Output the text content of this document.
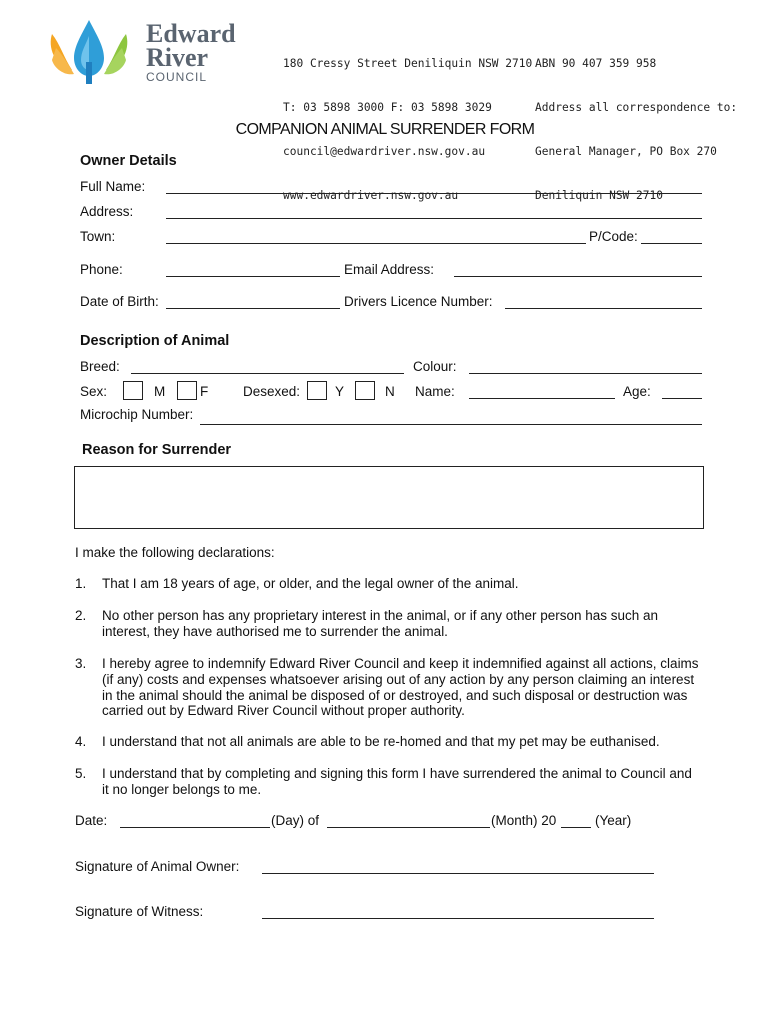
Edward
River
COUNCIL

180 Cressy Street Deniliquin NSW 2710

T: 03 5898 3000 F: 03 5898 3029

council@edwardriver.nsw.gov.au

www.edwardriver.nsw.gov.au

ABN 90 407 359 958

Address all correspondence to:

General Manager, PO Box 270

Deniliquin NSW 2710

COMPANION ANIMAL SURRENDER FORM
Owner Details
Full Name:
Address:
Town:	P/Code:
Phone:	Email Address:
Date of Birth:	Drivers Licence Number:
Description of Animal
Breed:	Colour:
Sex:	M	F	Desexed:	Y	N Name:	Age:
Microchip Number:
Reason for Surrender
I make the following declarations:
1. That I am 18 years of age, or older, and the legal owner of the animal.
2. No other person has any proprietary interest in the animal, or if any other person has such an interest, they have authorised me to surrender the animal.
3. I hereby agree to indemnify Edward River Council and keep it indemnified against all actions, claims (if any) costs and expenses whatsoever arising out of any action by any person claiming an interest in the animal should the animal be disposed of or destroyed, and such disposal or destruction was carried out by Edward River Council without proper authority.
4. I understand that not all animals are able to be re-homed and that my pet may be euthanised.
5. I understand that by completing and signing this form I have surrendered the animal to Council and it no longer belongs to me.
Date:	(Day) of	(Month) 20	(Year)
Signature of Animal Owner:
Signature of Witness:
